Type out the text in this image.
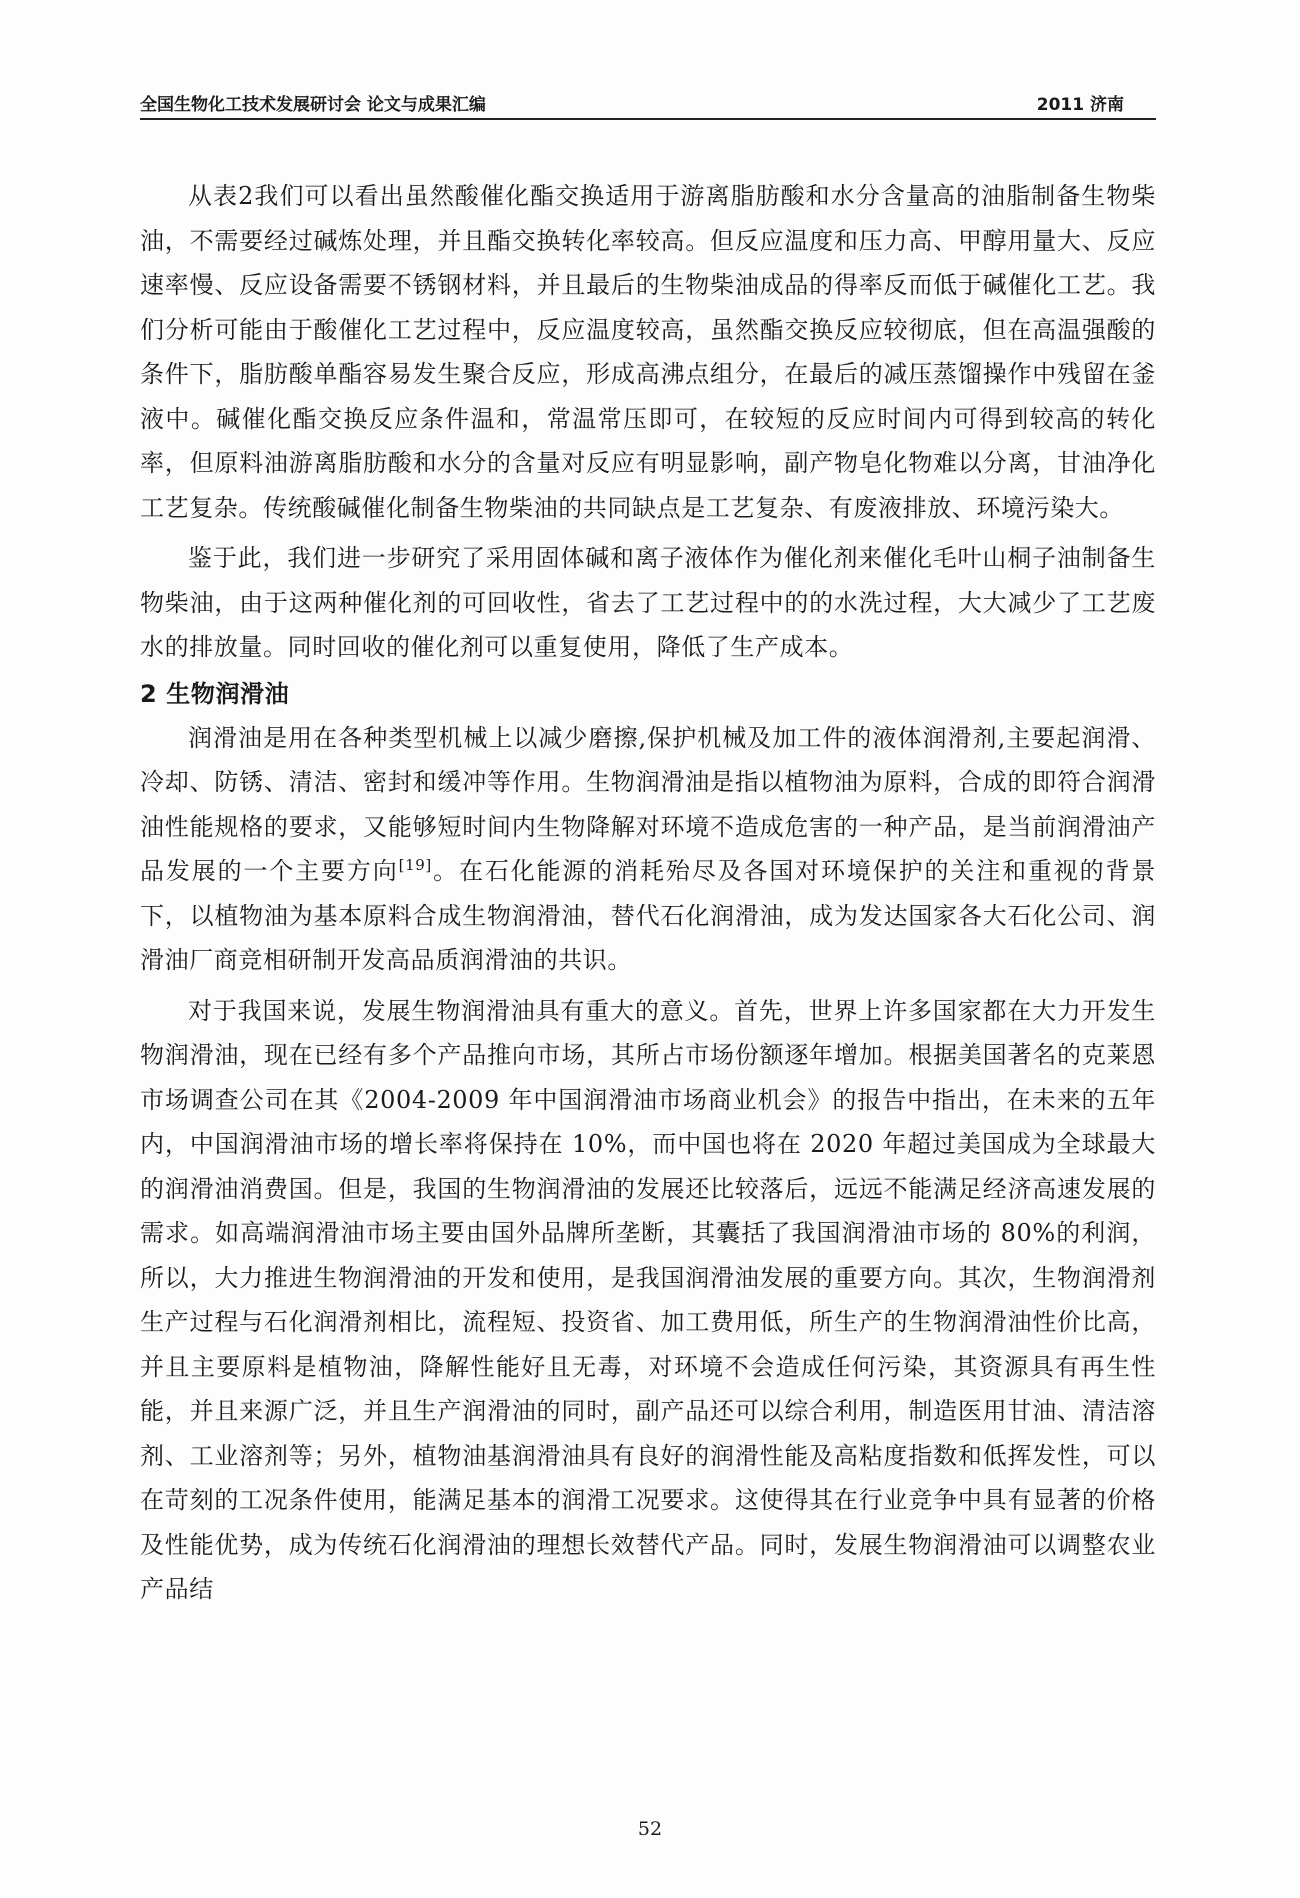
全国生物化工技术发展研讨会 论文与成果汇编	2011 济南

从表2我们可以看出虽然酸催化酯交换适用于游离脂肪酸和水分含量高的油脂制备生物柴油，不需要经过碱炼处理，并且酯交换转化率较高。但反应温度和压力高、甲醇用量大、反应速率慢、反应设备需要不锈钢材料，并且最后的生物柴油成品的得率反而低于碱催化工艺。我们分析可能由于酸催化工艺过程中，反应温度较高，虽然酯交换反应较彻底，但在高温强酸的条件下，脂肪酸单酯容易发生聚合反应，形成高沸点组分，在最后的减压蒸馏操作中残留在釜液中。碱催化酯交换反应条件温和，常温常压即可，在较短的反应时间内可得到较高的转化率，但原料油游离脂肪酸和水分的含量对反应有明显影响，副产物皂化物难以分离，甘油净化工艺复杂。传统酸碱催化制备生物柴油的共同缺点是工艺复杂、有废液排放、环境污染大。

鉴于此，我们进一步研究了采用固体碱和离子液体作为催化剂来催化毛叶山桐子油制备生物柴油，由于这两种催化剂的可回收性，省去了工艺过程中的的水洗过程，大大减少了工艺废水的排放量。同时回收的催化剂可以重复使用，降低了生产成本。

2 生物润滑油

润滑油是用在各种类型机械上以减少磨擦,保护机械及加工件的液体润滑剂,主要起润滑、冷却、防锈、清洁、密封和缓冲等作用。生物润滑油是指以植物油为原料，合成的即符合润滑油性能规格的要求，又能够短时间内生物降解对环境不造成危害的一种产品，是当前润滑油产品发展的一个主要方向[19]。在石化能源的消耗殆尽及各国对环境保护的关注和重视的背景下，以植物油为基本原料合成生物润滑油，替代石化润滑油，成为发达国家各大石化公司、润滑油厂商竞相研制开发高品质润滑油的共识。

对于我国来说，发展生物润滑油具有重大的意义。首先，世界上许多国家都在大力开发生物润滑油，现在已经有多个产品推向市场，其所占市场份额逐年增加。根据美国著名的克莱恩市场调查公司在其《2004-2009 年中国润滑油市场商业机会》的报告中指出，在未来的五年内，中国润滑油市场的增长率将保持在 10%，而中国也将在 2020 年超过美国成为全球最大的润滑油消费国。但是，我国的生物润滑油的发展还比较落后，远远不能满足经济高速发展的需求。如高端润滑油市场主要由国外品牌所垄断，其囊括了我国润滑油市场的 80%的利润，所以，大力推进生物润滑油的开发和使用，是我国润滑油发展的重要方向。其次，生物润滑剂生产过程与石化润滑剂相比，流程短、投资省、加工费用低，所生产的生物润滑油性价比高，并且主要原料是植物油，降解性能好且无毒，对环境不会造成任何污染，其资源具有再生性能，并且来源广泛，并且生产润滑油的同时，副产品还可以综合利用，制造医用甘油、清洁溶剂、工业溶剂等；另外，植物油基润滑油具有良好的润滑性能及高粘度指数和低挥发性，可以在苛刻的工况条件使用，能满足基本的润滑工况要求。这使得其在行业竞争中具有显著的价格及性能优势，成为传统石化润滑油的理想长效替代产品。同时，发展生物润滑油可以调整农业产品结

52
